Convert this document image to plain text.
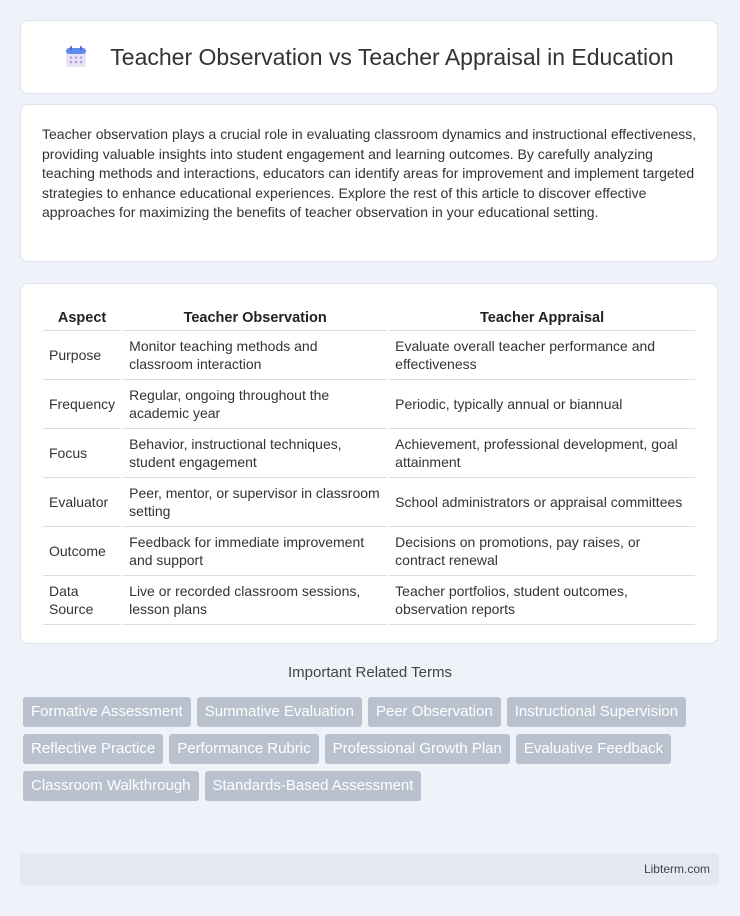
Teacher Observation vs Teacher Appraisal in Education

Teacher observation plays a crucial role in evaluating classroom dynamics and instructional effectiveness, providing valuable insights into student engagement and learning outcomes. By carefully analyzing teaching methods and interactions, educators can identify areas for improvement and implement targeted strategies to enhance educational experiences. Explore the rest of this article to discover effective approaches for maximizing the benefits of teacher observation in your educational setting.

Aspect	Teacher Observation	Teacher Appraisal
Purpose	Monitor teaching methods and classroom interaction	Evaluate overall teacher performance and effectiveness
Frequency	Regular, ongoing throughout the academic year	Periodic, typically annual or biannual
Focus	Behavior, instructional techniques, student engagement	Achievement, professional development, goal attainment
Evaluator	Peer, mentor, or supervisor in classroom setting	School administrators or appraisal committees
Outcome	Feedback for immediate improvement and support	Decisions on promotions, pay raises, or contract renewal
Data Source	Live or recorded classroom sessions, lesson plans	Teacher portfolios, student outcomes, observation reports
Important Related Terms
Formative Assessment	Summative Evaluation	Peer Observation	Instructional Supervision
Reflective Practice	Performance Rubric	Professional Growth Plan	Evaluative Feedback
Classroom Walkthrough	Standards-Based Assessment
Libterm.com
